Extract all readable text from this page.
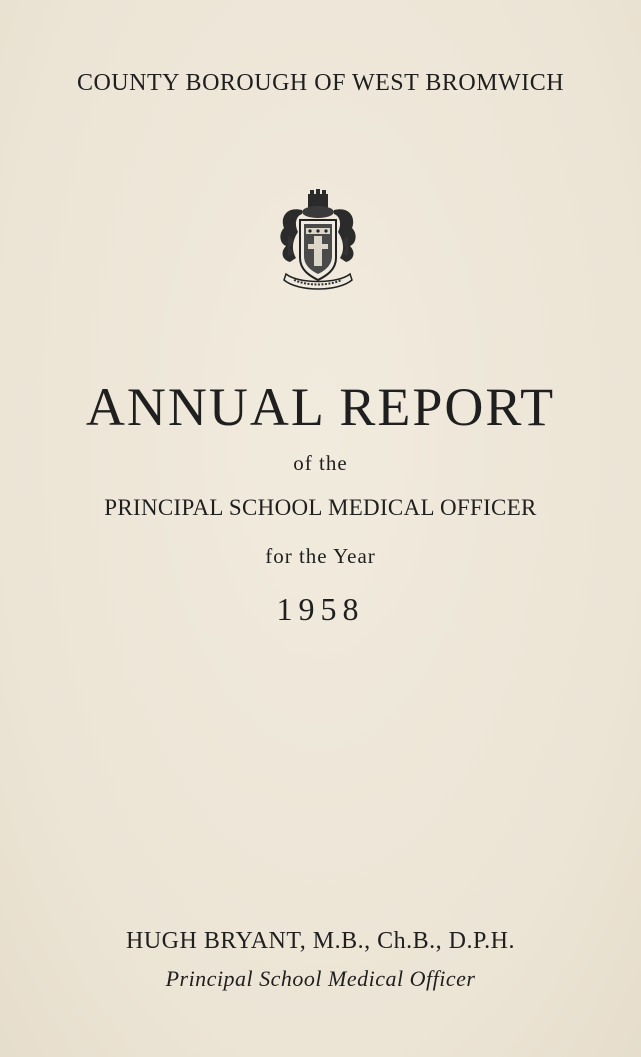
COUNTY BOROUGH OF WEST BROMWICH
ANNUAL REPORT
of the
PRINCIPAL SCHOOL MEDICAL OFFICER
for the Year
1958
HUGH BRYANT, M.B., Ch.B., D.P.H.
Principal School Medical Officer
